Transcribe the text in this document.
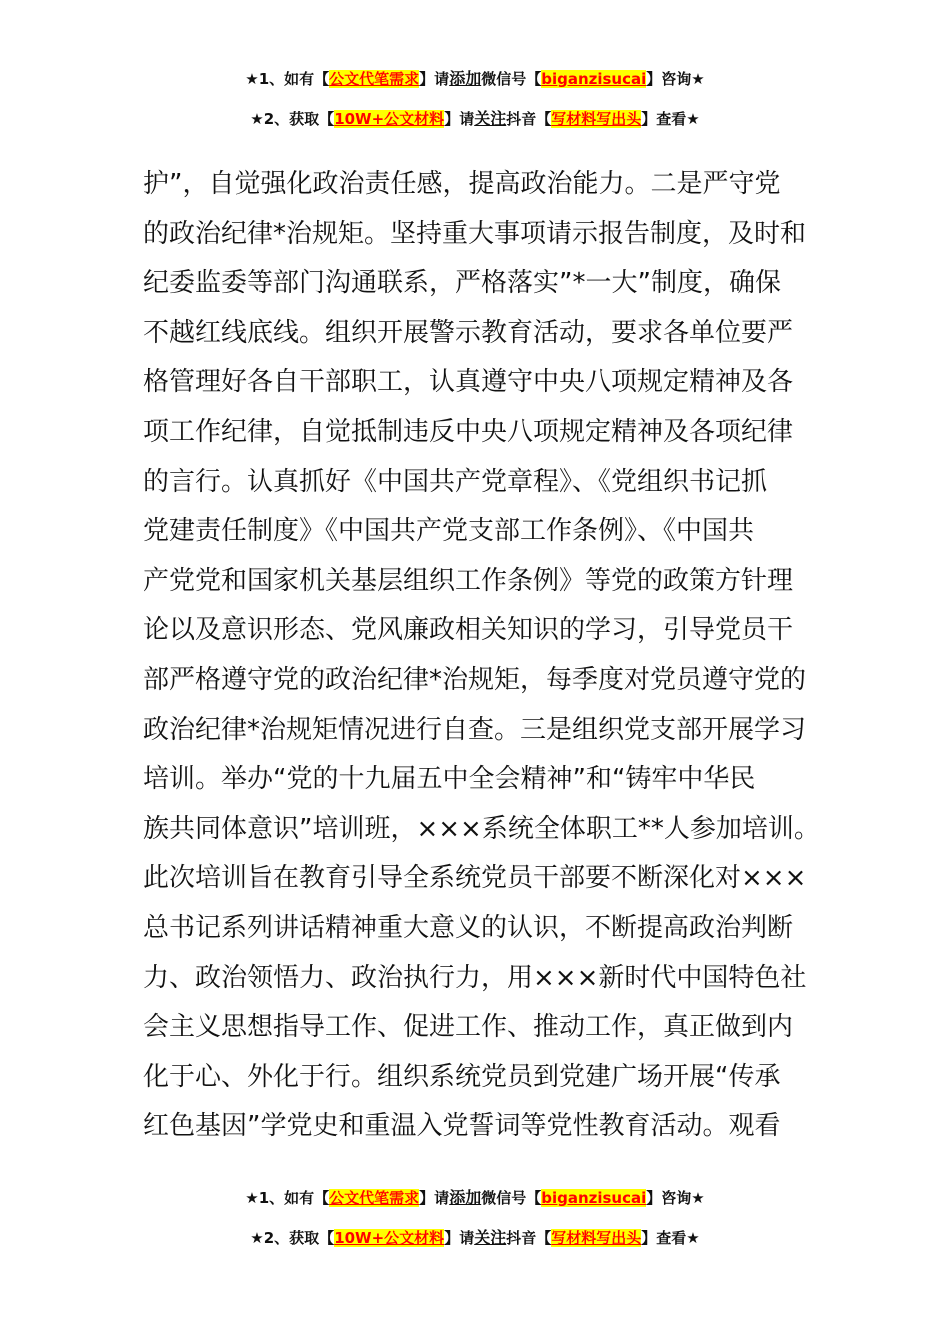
★1、如有【公文代笔需求】请添加微信号【biganzisucai】咨询★
★2、获取【10W+公文材料】请关注抖音【写材料写出头】查看★
护”，自觉强化政治责任感，提高政治能力。二是严守党
的政治纪律*治规矩。坚持重大事项请示报告制度，及时和
纪委监委等部门沟通联系，严格落实”*一大”制度，确保
不越红线底线。组织开展警示教育活动，要求各单位要严
格管理好各自干部职工，认真遵守中央八项规定精神及各
项工作纪律，自觉抵制违反中央八项规定精神及各项纪律
的言行。认真抓好《中国共产党章程》、《党组织书记抓
党建责任制度》《中国共产党支部工作条例》、《中国共
产党党和国家机关基层组织工作条例》等党的政策方针理
论以及意识形态、党风廉政相关知识的学习，引导党员干
部严格遵守党的政治纪律*治规矩，每季度对党员遵守党的
政治纪律*治规矩情况进行自查。三是组织党支部开展学习
培训。举办“党的十九届五中全会精神”和“铸牢中华民
族共同体意识”培训班，×××系统全体职工**人参加培训。
此次培训旨在教育引导全系统党员干部要不断深化对×××
总书记系列讲话精神重大意义的认识，不断提高政治判断
力、政治领悟力、政治执行力，用×××新时代中国特色社
会主义思想指导工作、促进工作、推动工作，真正做到内
化于心、外化于行。组织系统党员到党建广场开展“传承
红色基因”学党史和重温入党誓词等党性教育活动。观看
★1、如有【公文代笔需求】请添加微信号【biganzisucai】咨询★
★2、获取【10W+公文材料】请关注抖音【写材料写出头】查看★
